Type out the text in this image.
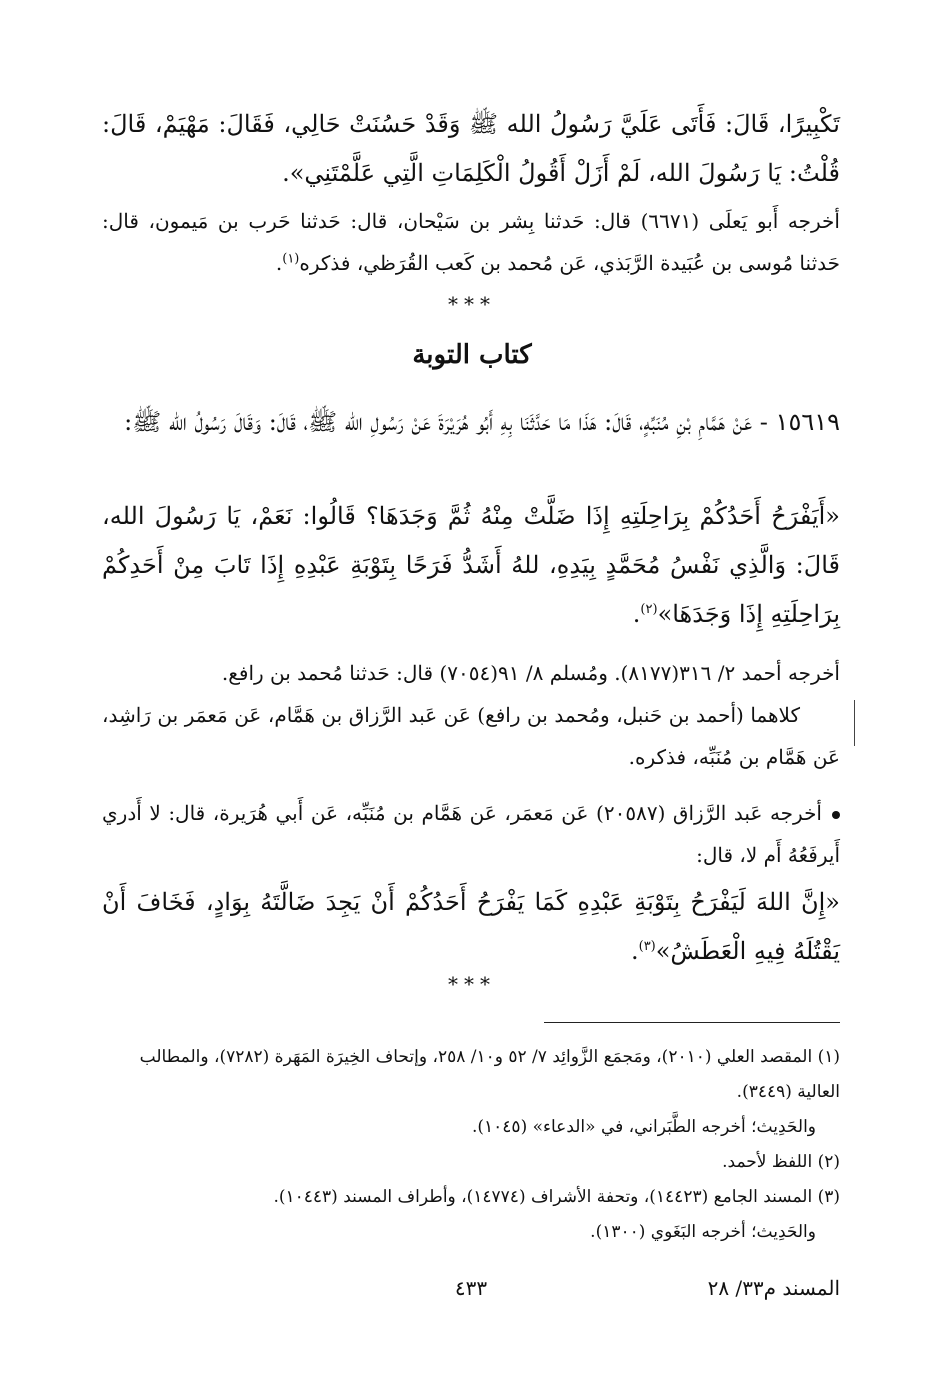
تَكْبِيرًا، قَالَ: فَأَتَى عَلَيَّ رَسُولُ الله ﷺ وَقَدْ حَسُنَتْ حَالِي، فَقَالَ: مَهْيَمْ، قَالَ: قُلْتُ: يَا رَسُولَ الله، لَمْ أَزَلْ أَقُولُ الْكَلِمَاتِ الَّتِي عَلَّمْتَنِي».
أخرجه أَبو يَعلَى (٦٦٧١) قال: حَدثنا بِشر بن سَيْحان، قال: حَدثنا حَرب بن مَيمون، قال: حَدثنا مُوسى بن عُبَيدة الرَّبَذي، عَن مُحمد بن كَعب القُرَظي، فذكره$^{(١)}$.
***
كتاب التوبة
١٥٦١٩ - عَنْ هَمَّامِ بْنِ مُنَبِّهٍ، قَالَ: هَذَا مَا حَدَّثَنَا بِهِ أَبُو هُرَيْرَةَ عَنْ رَسُولِ الله ﷺ، قَالَ: وَقَالَ رَسُولُ الله ﷺ:
«أَيَفْرَحُ أَحَدُكُمْ بِرَاحِلَتِهِ إِذَا ضَلَّتْ مِنْهُ ثُمَّ وَجَدَهَا؟ قَالُوا: نَعَمْ، يَا رَسُولَ الله، قَالَ: وَالَّذِي نَفْسُ مُحَمَّدٍ بِيَدِهِ، للهُ أَشَدُّ فَرَحًا بِتَوْبَةِ عَبْدِهِ إِذَا تَابَ مِنْ أَحَدِكُمْ بِرَاحِلَتِهِ إِذَا وَجَدَهَا»$^{(٢)}$.
أخرجه أحمد ٢/ ٣١٦(٨١٧٧). ومُسلم ٨/ ٩١(٧٠٥٤) قال: حَدثنا مُحمد بن رافع.
كلاهما (أحمد بن حَنبل، ومُحمد بن رافع) عَن عَبد الرَّزاق بن هَمَّام، عَن مَعمَر بن رَاشِد، عَن هَمَّام بن مُنَبِّه، فذكره.
أخرجه عَبد الرَّزاق (٢٠٥٨٧) عَن مَعمَر، عَن هَمَّام بن مُنَبِّه، عَن أَبي هُرَيرة، قال: لا أَدري أَيرفَعُهُ أَم لا، قال:
«إِنَّ اللهَ لَيَفْرَحُ بِتَوْبَةِ عَبْدِهِ كَمَا يَفْرَحُ أَحَدُكُمْ أَنْ يَجِدَ ضَالَّتَهُ بِوَادٍ، فَخَافَ أَنْ يَقْتُلَهُ فِيهِ الْعَطَشُ»$^{(٣)}$.
***
(١) المقصد العلي (٢٠١٠)، ومَجمَع الزَّوائِد ٧/ ٥٢ و١٠/ ٢٥٨، وإتحاف الخِيرَة المَهَرة (٧٢٨٢)، والمطالب العالية (٣٤٤٩).
والحَدِيث؛ أخرجه الطَّبَراني، في «الدعاء» (١٠٤٥).
(٢) اللفظ لأحمد.
(٣) المسند الجامع (١٤٤٢٣)، وتحفة الأشراف (١٤٧٧٤)، وأطراف المسند (١٠٤٤٣).
والحَدِيث؛ أخرجه البَغَوي (١٣٠٠).
٤٣٣	المسند م٣٣/ ٢٨
